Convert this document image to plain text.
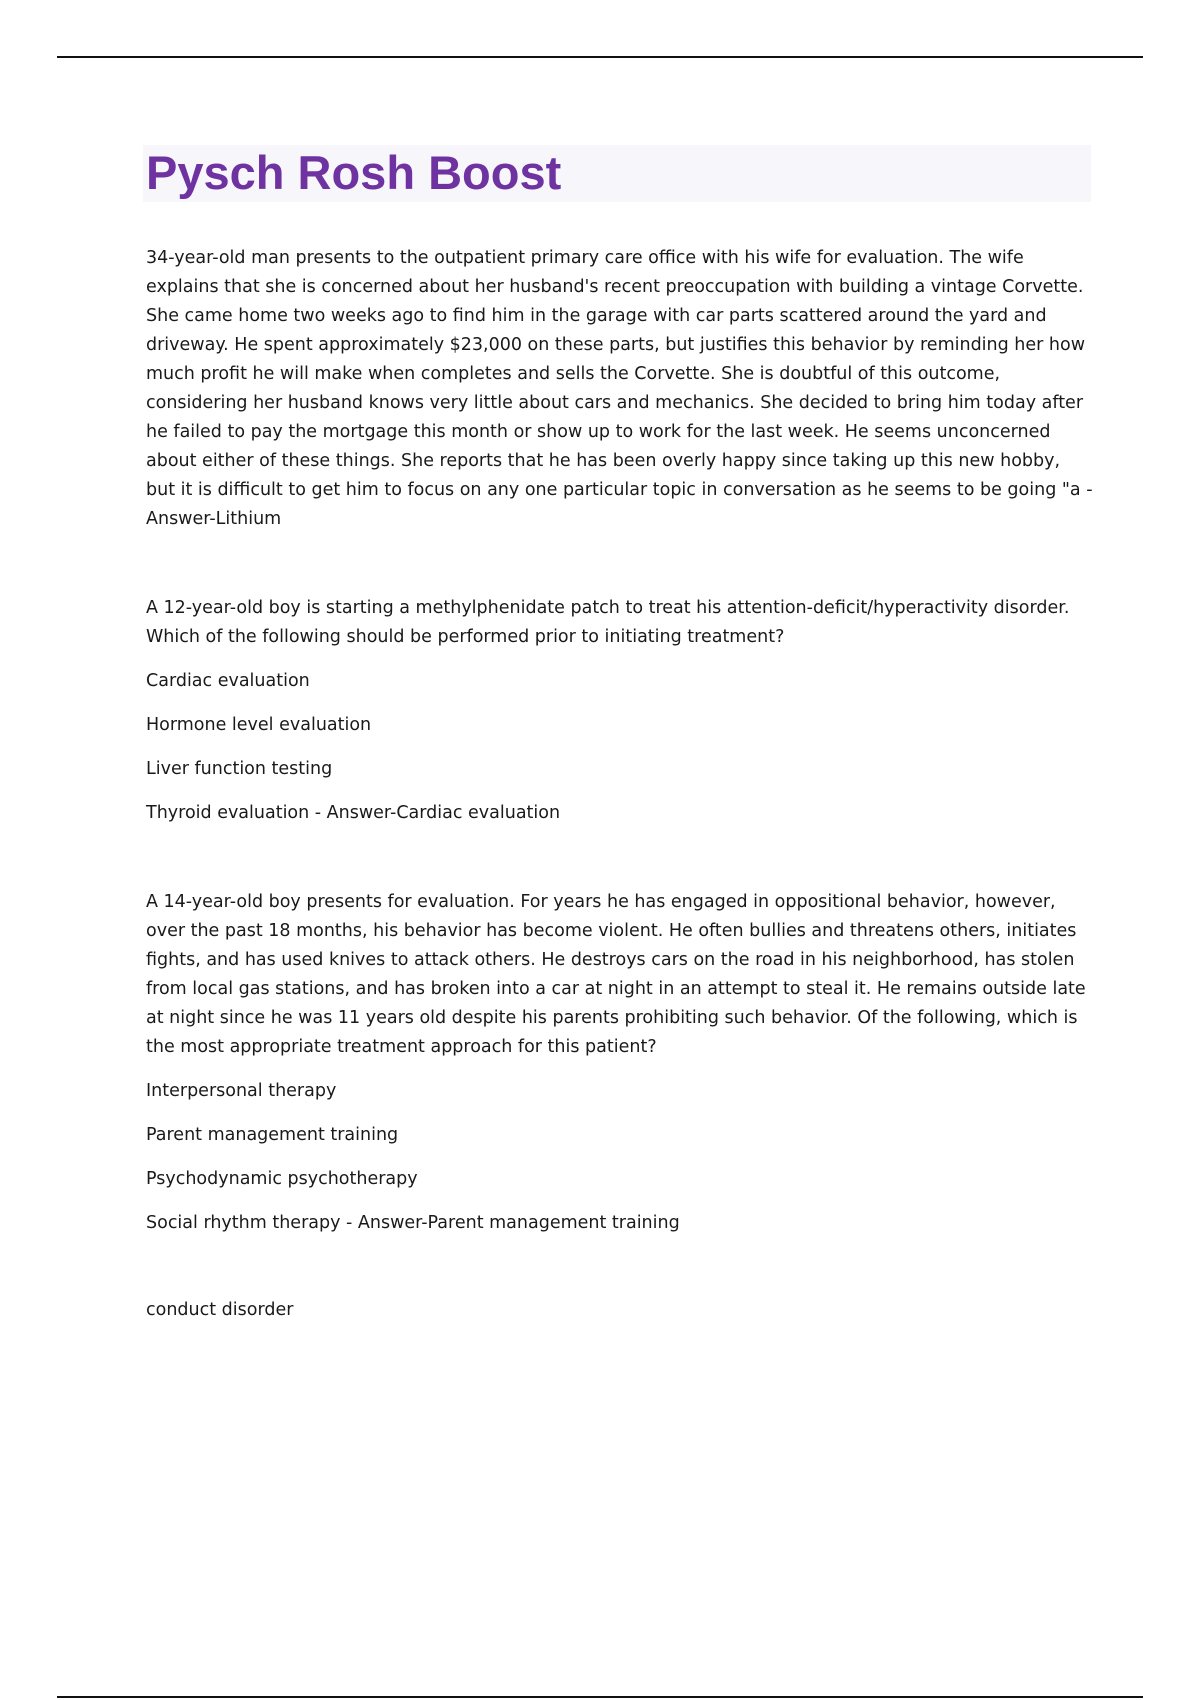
Pysch Rosh Boost

34-year-old man presents to the outpatient primary care office with his wife for evaluation. The wife explains that she is concerned about her husband's recent preoccupation with building a vintage Corvette. She came home two weeks ago to find him in the garage with car parts scattered around the yard and driveway. He spent approximately $23,000 on these parts, but justifies this behavior by reminding her how much profit he will make when completes and sells the Corvette. She is doubtful of this outcome, considering her husband knows very little about cars and mechanics. She decided to bring him today after he failed to pay the mortgage this month or show up to work for the last week. He seems unconcerned about either of these things. She reports that he has been overly happy since taking up this new hobby, but it is difficult to get him to focus on any one particular topic in conversation as he seems to be going "a - Answer-Lithium

A 12-year-old boy is starting a methylphenidate patch to treat his attention-deficit/hyperactivity disorder. Which of the following should be performed prior to initiating treatment?

Cardiac evaluation

Hormone level evaluation

Liver function testing

Thyroid evaluation - Answer-Cardiac evaluation

A 14-year-old boy presents for evaluation. For years he has engaged in oppositional behavior, however, over the past 18 months, his behavior has become violent. He often bullies and threatens others, initiates fights, and has used knives to attack others. He destroys cars on the road in his neighborhood, has stolen from local gas stations, and has broken into a car at night in an attempt to steal it. He remains outside late at night since he was 11 years old despite his parents prohibiting such behavior. Of the following, which is the most appropriate treatment approach for this patient?

Interpersonal therapy

Parent management training

Psychodynamic psychotherapy

Social rhythm therapy - Answer-Parent management training

conduct disorder
